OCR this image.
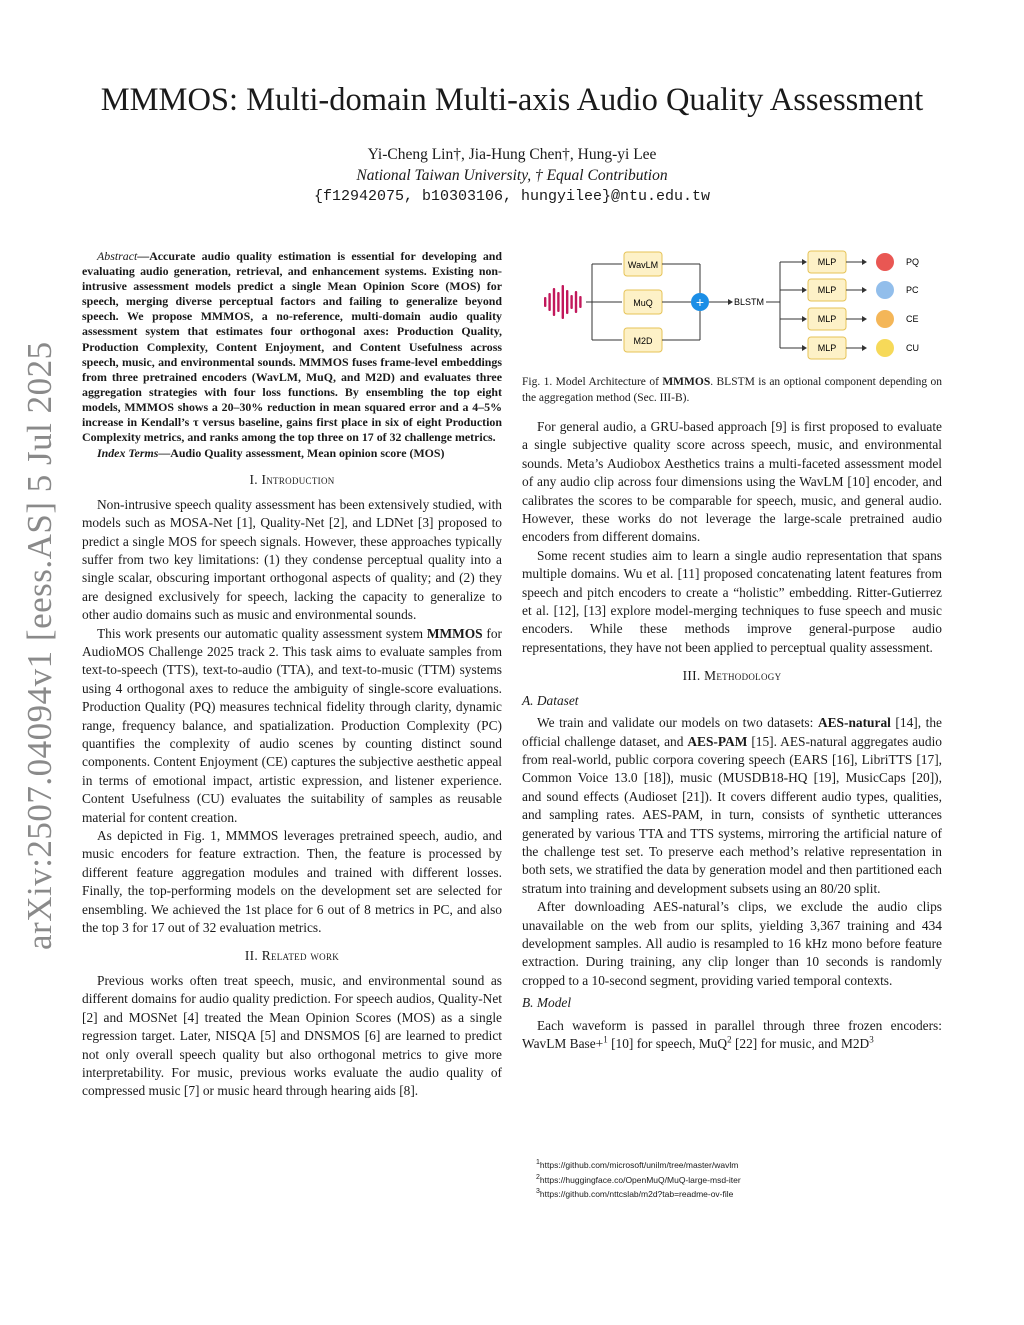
arXiv:2507.04094v1 [eess.AS] 5 Jul 2025
MMMOS: Multi-domain Multi-axis Audio Quality Assessment
Yi-Cheng Lin†, Jia-Hung Chen†, Hung-yi Lee
National Taiwan University, † Equal Contribution
{f12942075, b10303106, hungyilee}@ntu.edu.tw

Abstract—Accurate audio quality estimation is essential for developing and evaluating audio generation, retrieval, and enhancement systems. Existing non-intrusive assessment models predict a single Mean Opinion Score (MOS) for speech, merging diverse perceptual factors and failing to generalize beyond speech. We propose MMMOS, a no-reference, multi-domain audio quality assessment system that estimates four orthogonal axes: Production Quality, Production Complexity, Content Enjoyment, and Content Usefulness across speech, music, and environmental sounds. MMMOS fuses frame-level embeddings from three pretrained encoders (WavLM, MuQ, and M2D) and evaluates three aggregation strategies with four loss functions. By ensembling the top eight models, MMMOS shows a 20–30% reduction in mean squared error and a 4–5% increase in Kendall’s τ versus baseline, gains first place in six of eight Production Complexity metrics, and ranks among the top three on 17 of 32 challenge metrics.

Index Terms—Audio Quality assessment, Mean opinion score (MOS)

I. Introduction

Non-intrusive speech quality assessment has been extensively studied, with models such as MOSA-Net [1], Quality-Net [2], and LDNet [3] proposed to predict a single MOS for speech signals. However, these approaches typically suffer from two key limitations: (1) they condense perceptual quality into a single scalar, obscuring important orthogonal aspects of quality; and (2) they are designed exclusively for speech, lacking the capacity to generalize to other audio domains such as music and environmental sounds.

This work presents our automatic quality assessment system MMMOS for AudioMOS Challenge 2025 track 2. This task aims to evaluate samples from text-to-speech (TTS), text-to-audio (TTA), and text-to-music (TTM) systems using 4 orthogonal axes to reduce the ambiguity of single-score evaluations. Production Quality (PQ) measures technical fidelity through clarity, dynamic range, frequency balance, and spatialization. Production Complexity (PC) quantifies the complexity of audio scenes by counting distinct sound components. Content Enjoyment (CE) captures the subjective aesthetic appeal in terms of emotional impact, artistic expression, and listener experience. Content Usefulness (CU) evaluates the suitability of samples as reusable material for content creation.

As depicted in Fig. 1, MMMOS leverages pretrained speech, audio, and music encoders for feature extraction. Then, the feature is processed by different feature aggregation modules and trained with different losses. Finally, the top-performing models on the development set are selected for ensembling. We achieved the 1st place for 6 out of 8 metrics in PC, and also the top 3 for 17 out of 32 evaluation metrics.

II. Related work

Previous works often treat speech, music, and environmental sound as different domains for audio quality prediction. For speech audios, Quality-Net [2] and MOSNet [4] treated the Mean Opinion Scores (MOS) as a single regression target. Later, NISQA [5] and DNSMOS [6] are learned to predict not only overall speech quality but also orthogonal metrics to give more interpretability. For music, previous works evaluate the audio quality of compressed music [7] or music heard through hearing aids [8].

WavLM
MuQ
M2D
+	BLSTM
MLP
MLP
MLP
MLP
PQ
PC
CE
CU
Fig. 1. Model Architecture of MMMOS. BLSTM is an optional component depending on the aggregation method (Sec. III-B).

For general audio, a GRU-based approach [9] is first proposed to evaluate a single subjective quality score across speech, music, and environmental sounds. Meta’s Audiobox Aesthetics trains a multi-faceted assessment model of any audio clip across four dimensions using the WavLM [10] encoder, and calibrates the scores to be comparable for speech, music, and general audio. However, these works do not leverage the large-scale pretrained audio encoders from different domains.

Some recent studies aim to learn a single audio representation that spans multiple domains. Wu et al. [11] proposed concatenating latent features from speech and pitch encoders to create a “holistic” embedding. Ritter-Gutierrez et al. [12], [13] explore model-merging techniques to fuse speech and music encoders. While these methods improve general-purpose audio representations, they have not been applied to perceptual quality assessment.

III. Methodology
A. Dataset

We train and validate our models on two datasets: AES-natural [14], the official challenge dataset, and AES-PAM [15]. AES-natural aggregates audio from real-world, public corpora covering speech (EARS [16], LibriTTS [17], Common Voice 13.0 [18]), music (MUSDB18-HQ [19], MusicCaps [20]), and sound effects (Audioset [21]). It covers different audio types, qualities, and sampling rates. AES-PAM, in turn, consists of synthetic utterances generated by various TTA and TTS systems, mirroring the artificial nature of the challenge test set. To preserve each method’s relative representation in both sets, we stratified the data by generation model and then partitioned each stratum into training and development subsets using an 80/20 split.

After downloading AES-natural’s clips, we exclude the audio clips unavailable on the web from our splits, yielding 3,367 training and 434 development samples. All audio is resampled to 16 kHz mono before feature extraction. During training, any clip longer than 10 seconds is randomly cropped to a 10-second segment, providing varied temporal contexts.

B. Model

Each waveform is passed in parallel through three frozen encoders: WavLM Base+$^1$ [10] for speech, MuQ$^2$ [22] for music, and $M2D^3$

$^1$https://github.com/microsoft/unilm/tree/master/wavlm
$^2$https://huggingface.co/OpenMuQ/MuQ-large-msd-iter
$^3$https://github.com/nttcslab/m2d?tab=readme-ov-file
